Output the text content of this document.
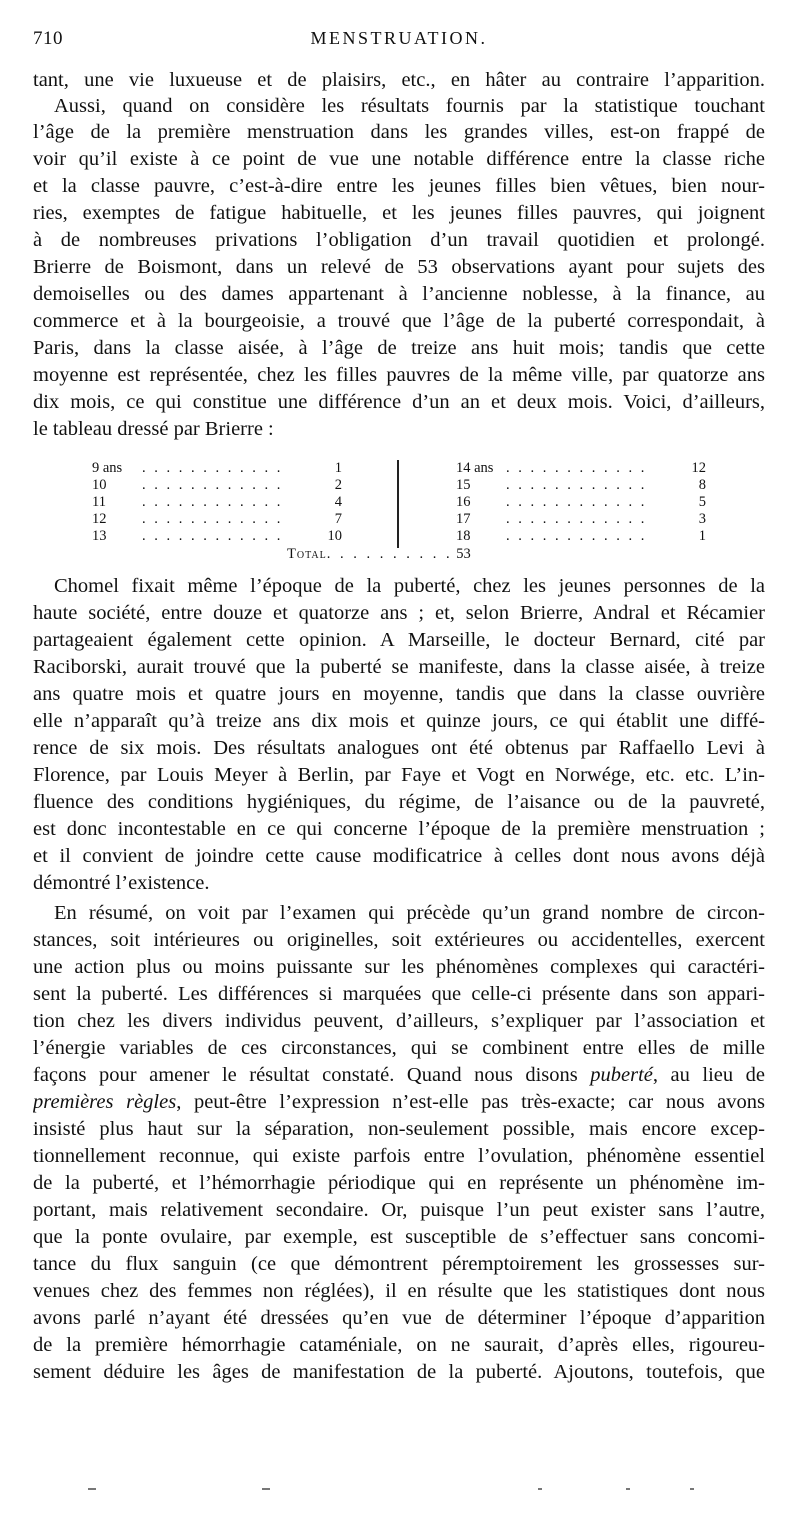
710	MENSTRUATION.
tant, une vie luxueuse et de plaisirs, etc., en hâter au contraire l’apparition.
Aussi, quand on considère les résultats fournis par la statistique touchant
l’âge de la première menstruation dans les grandes villes, est-on frappé de
voir qu’il existe à ce point de vue une notable différence entre la classe riche
et la classe pauvre, c’est-à-dire entre les jeunes filles bien vêtues, bien nour-
ries, exemptes de fatigue habituelle, et les jeunes filles pauvres, qui joignent
à de nombreuses privations l’obligation d’un travail quotidien et prolongé.
Brierre de Boismont, dans un relevé de 53 observations ayant pour sujets des
demoiselles ou des dames appartenant à l’ancienne noblesse, à la finance, au
commerce et à la bourgeoisie, a trouvé que l’âge de la puberté correspondait, à
Paris, dans la classe aisée, à l’âge de treize ans huit mois; tandis que cette
moyenne est représentée, chez les filles pauvres de la même ville, par quatorze ans
dix mois, ce qui constitue une différence d’un an et deux mois. Voici, d’ailleurs,
le tableau dressé par Brierre :
9 ans . . . . . . . . . . . .	1
10 . . . . . . . . . . . .	2
11 . . . . . . . . . . . .	4
12 . . . . . . . . . . . .	7
13 . . . . . . . . . . . .	10
14 ans . . . . . . . . . . . .	12
15 . . . . . . . . . . . .	8
16 . . . . . . . . . . . .	5
17 . . . . . . . . . . . .	3
18 . . . . . . . . . . . .	1
Total. . . . . . . . . . 53
Chomel fixait même l’époque de la puberté, chez les jeunes personnes de la
haute société, entre douze et quatorze ans ; et, selon Brierre, Andral et Récamier
partageaient également cette opinion. A Marseille, le docteur Bernard, cité par
Raciborski, aurait trouvé que la puberté se manifeste, dans la classe aisée, à treize
ans quatre mois et quatre jours en moyenne, tandis que dans la classe ouvrière
elle n’apparaît qu’à treize ans dix mois et quinze jours, ce qui établit une diffé-
rence de six mois. Des résultats analogues ont été obtenus par Raffaello Levi à
Florence, par Louis Meyer à Berlin, par Faye et Vogt en Norwége, etc. etc. L’in-
fluence des conditions hygiéniques, du régime, de l’aisance ou de la pauvreté,
est donc incontestable en ce qui concerne l’époque de la première menstruation ;
et il convient de joindre cette cause modificatrice à celles dont nous avons déjà
démontré l’existence.
En résumé, on voit par l’examen qui précède qu’un grand nombre de circon-
stances, soit intérieures ou originelles, soit extérieures ou accidentelles, exercent
une action plus ou moins puissante sur les phénomènes complexes qui caractéri-
sent la puberté. Les différences si marquées que celle-ci présente dans son appari-
tion chez les divers individus peuvent, d’ailleurs, s’expliquer par l’association et
l’énergie variables de ces circonstances, qui se combinent entre elles de mille
façons pour amener le résultat constaté. Quand nous disons puberté, au lieu de
premières règles, peut-être l’expression n’est-elle pas très-exacte; car nous avons
insisté plus haut sur la séparation, non-seulement possible, mais encore excep-
tionnellement reconnue, qui existe parfois entre l’ovulation, phénomène essentiel
de la puberté, et l’hémorrhagie périodique qui en représente un phénomène im-
portant, mais relativement secondaire. Or, puisque l’un peut exister sans l’autre,
que la ponte ovulaire, par exemple, est susceptible de s’effectuer sans concomi-
tance du flux sanguin (ce que démontrent péremptoirement les grossesses sur-
venues chez des femmes non réglées), il en résulte que les statistiques dont nous
avons parlé n’ayant été dressées qu’en vue de déterminer l’époque d’apparition
de la première hémorrhagie cataméniale, on ne saurait, d’après elles, rigoureu-
sement déduire les âges de manifestation de la puberté. Ajoutons, toutefois, que
